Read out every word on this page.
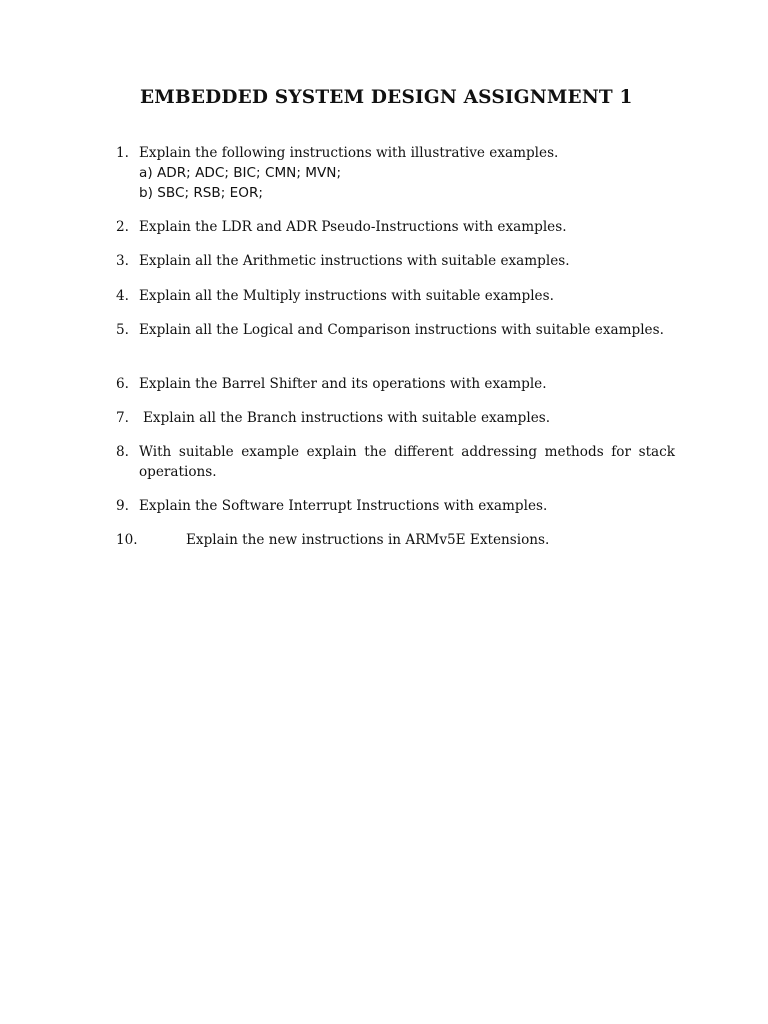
EMBEDDED SYSTEM DESIGN ASSIGNMENT 1
1. Explain the following instructions with illustrative examples.
a) ADR; ADC; BIC; CMN; MVN;
b) SBC; RSB; EOR;
2. Explain the LDR and ADR Pseudo-Instructions with examples.
3. Explain all the Arithmetic instructions with suitable examples.
4. Explain all the Multiply instructions with suitable examples.
5. Explain all the Logical and Comparison instructions with suitable examples.
6. Explain the Barrel Shifter and its operations with example.
7. Explain all the Branch instructions with suitable examples.
8. With suitable example explain the different addressing methods for stack operations.
9. Explain the Software Interrupt Instructions with examples.
10.	Explain the new instructions in ARMv5E Extensions.
